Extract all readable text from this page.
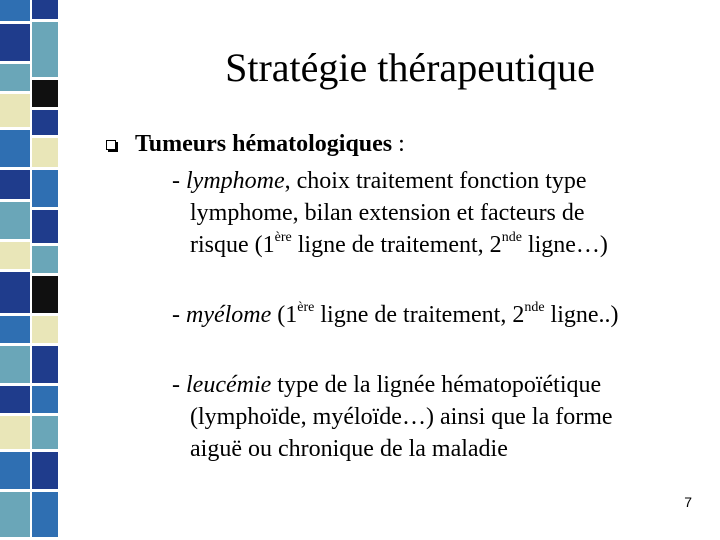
Stratégie thérapeutique
Tumeurs hématologiques :
- lymphome, choix traitement fonction type
lymphome, bilan extension et facteurs de
risque (1ère ligne de traitement, 2nde ligne…)
- myélome (1ère ligne de traitement, 2nde ligne..)
- leucémie type de la lignée hématopoïétique
(lymphoïde, myéloïde…) ainsi que la forme
aiguë ou chronique de la maladie
7
